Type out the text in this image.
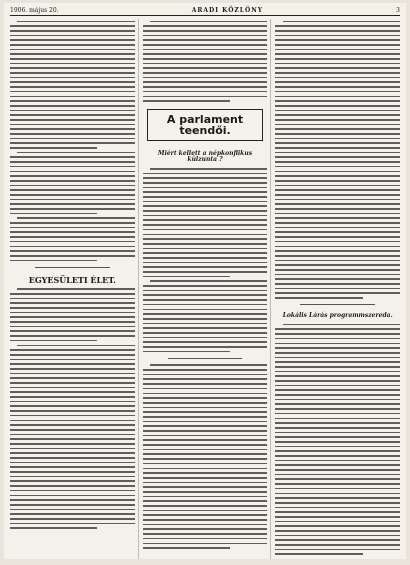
1906. május 20.	ARADI KÖZLÖNY	3
EGYESÜLETI ÉLET.
A parlament teendői.
Miért kellett a népkonflikus külzunta ?
Lokális Lárás programmszereda.
